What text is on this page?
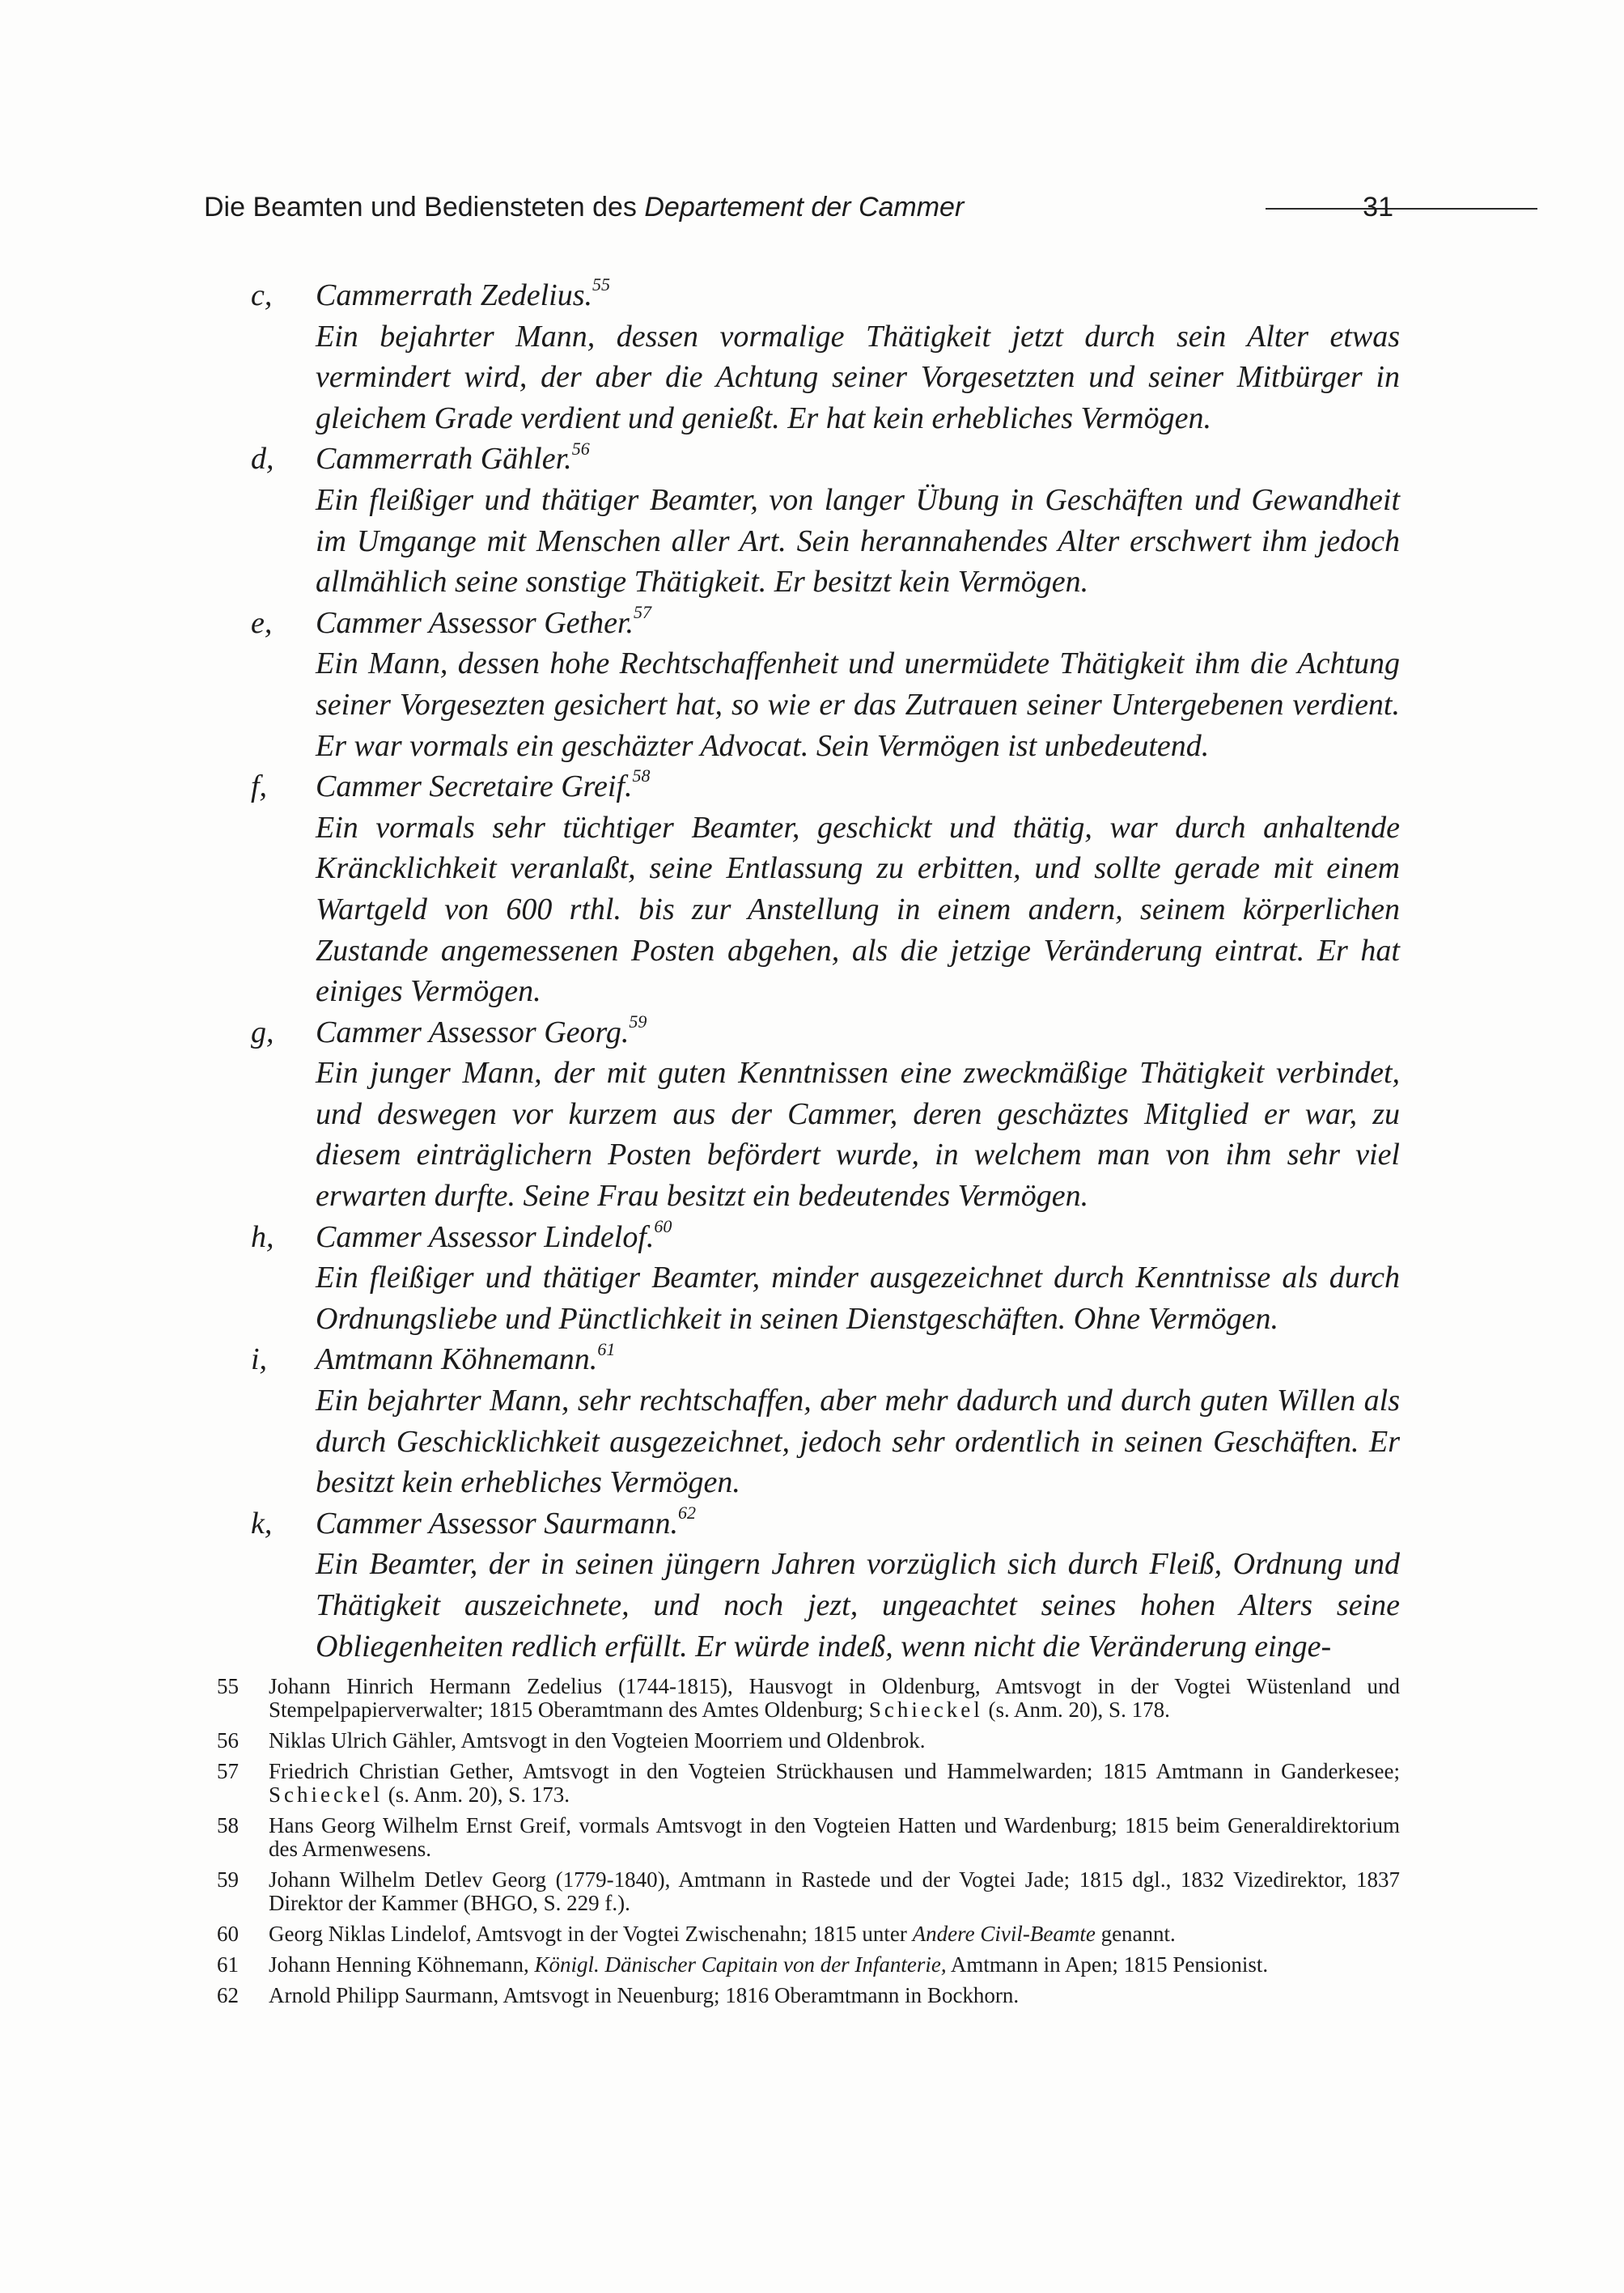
Die Beamten und Bediensteten des Departement der Cammer	31
c, Cammerrath Zedelius.$^{55}$
Ein bejahrter Mann, dessen vormalige Thätigkeit jetzt durch sein Alter etwas vermindert wird, der aber die Achtung seiner Vorgesetzten und seiner Mitbürger in gleichem Grade verdient und genießt. Er hat kein erhebliches Vermögen.
d, Cammerrath Gähler.$^{56}$
Ein fleißiger und thätiger Beamter, von langer Übung in Geschäften und Gewandheit im Umgange mit Menschen aller Art. Sein herannahendes Alter erschwert ihm jedoch allmählich seine sonstige Thätigkeit. Er besitzt kein Vermögen.
e, Cammer Assessor Gether.$^{57}$
Ein Mann, dessen hohe Rechtschaffenheit und unermüdete Thätigkeit ihm die Achtung seiner Vorgesezten gesichert hat, so wie er das Zutrauen seiner Untergebenen verdient. Er war vormals ein geschäzter Advocat. Sein Vermögen ist unbedeutend.
f, Cammer Secretaire Greif.$^{58}$
Ein vormals sehr tüchtiger Beamter, geschickt und thätig, war durch anhaltende Kräncklichkeit veranlaßt, seine Entlassung zu erbitten, und sollte gerade mit einem Wartgeld von 600 rthl. bis zur Anstellung in einem andern, seinem körperlichen Zustande angemessenen Posten abgehen, als die jetzige Veränderung eintrat. Er hat einiges Vermögen.
g, Cammer Assessor Georg.$^{59}$
Ein junger Mann, der mit guten Kenntnissen eine zweckmäßige Thätigkeit verbindet, und deswegen vor kurzem aus der Cammer, deren geschäztes Mitglied er war, zu diesem einträglichern Posten befördert wurde, in welchem man von ihm sehr viel erwarten durfte. Seine Frau besitzt ein bedeutendes Vermögen.
h, Cammer Assessor Lindelof.$^{60}$
Ein fleißiger und thätiger Beamter, minder ausgezeichnet durch Kenntnisse als durch Ordnungsliebe und Pünctlichkeit in seinen Dienstgeschäften. Ohne Vermögen.
i, Amtmann Köhnemann.$^{61}$
Ein bejahrter Mann, sehr rechtschaffen, aber mehr dadurch und durch guten Willen als durch Geschicklichkeit ausgezeichnet, jedoch sehr ordentlich in seinen Geschäften. Er besitzt kein erhebliches Vermögen.
k, Cammer Assessor Saurmann.$^{62}$
Ein Beamter, der in seinen jüngern Jahren vorzüglich sich durch Fleiß, Ordnung und Thätigkeit auszeichnete, und noch jezt, ungeachtet seines hohen Alters seine Obliegenheiten redlich erfüllt. Er würde indeß, wenn nicht die Veränderung einge-
55 Johann Hinrich Hermann Zedelius (1744-1815), Hausvogt in Oldenburg, Amtsvogt in der Vogtei Wüstenland und Stempelpapierverwalter; 1815 Oberamtmann des Amtes Oldenburg; Schieckel (s. Anm. 20), S. 178.
56 Niklas Ulrich Gähler, Amtsvogt in den Vogteien Moorriem und Oldenbrok.
57 Friedrich Christian Gether, Amtsvogt in den Vogteien Strückhausen und Hammelwarden; 1815 Amtmann in Ganderkesee; Schieckel (s. Anm. 20), S. 173.
58 Hans Georg Wilhelm Ernst Greif, vormals Amtsvogt in den Vogteien Hatten und Wardenburg; 1815 beim Generaldirektorium des Armenwesens.
59 Johann Wilhelm Detlev Georg (1779-1840), Amtmann in Rastede und der Vogtei Jade; 1815 dgl., 1832 Vizedirektor, 1837 Direktor der Kammer (BHGO, S. 229 f.).
60 Georg Niklas Lindelof, Amtsvogt in der Vogtei Zwischenahn; 1815 unter Andere Civil-Beamte genannt.
61 Johann Henning Köhnemann, Königl. Dänischer Capitain von der Infanterie, Amtmann in Apen; 1815 Pensionist.
62 Arnold Philipp Saurmann, Amtsvogt in Neuenburg; 1816 Oberamtmann in Bockhorn.
